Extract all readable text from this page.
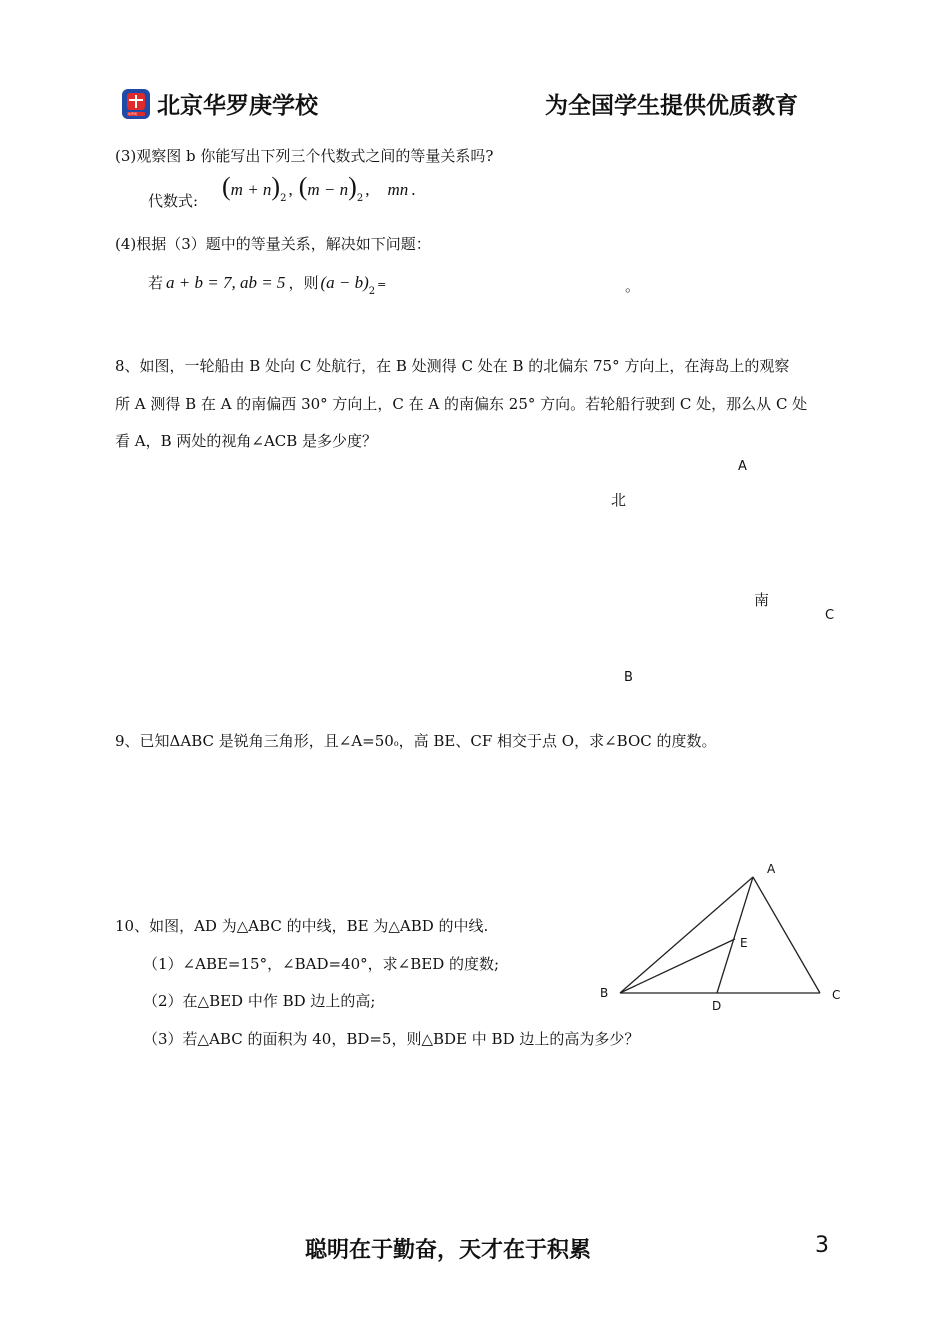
华罗庚 北京华罗庚学校	为全国学生提供优质教育
(3)观察图 b 你能写出下列三个代数式之间的等量关系吗?
代数式: $(m + n)_2$ , $(m - n)_2$ , mn .
(4)根据（3）题中的等量关系，解决如下问题：
若 a + b = 7, ab = 5 ，则 $(a - b)_2=$	。
8、如图，一轮船由 B 处向 C 处航行，在 B 处测得 C 处在 B 的北偏东 75° 方向上，在海岛上的观察
所 A 测得 B 在 A 的南偏西 30° 方向上，C 在 A 的南偏东 25° 方向。若轮船行驶到 C 处，那么从 C 处
看 A，B 两处的视角∠ACB 是多少度？
A
北
南
C
B
9、已知ΔABC 是锐角三角形，且∠A=50o，高 BE、CF 相交于点 O，求∠BOC 的度数。
A
E
B
D
C
10、如图，AD 为△ABC 的中线，BE 为△ABD 的中线.
（1）∠ABE=15°，∠BAD=40°，求∠BED 的度数;
（2）在△BED 中作 BD 边上的高;
（3）若△ABC 的面积为 40，BD=5，则△BDE 中 BD 边上的高为多少？
聪明在于勤奋，天才在于积累	3
